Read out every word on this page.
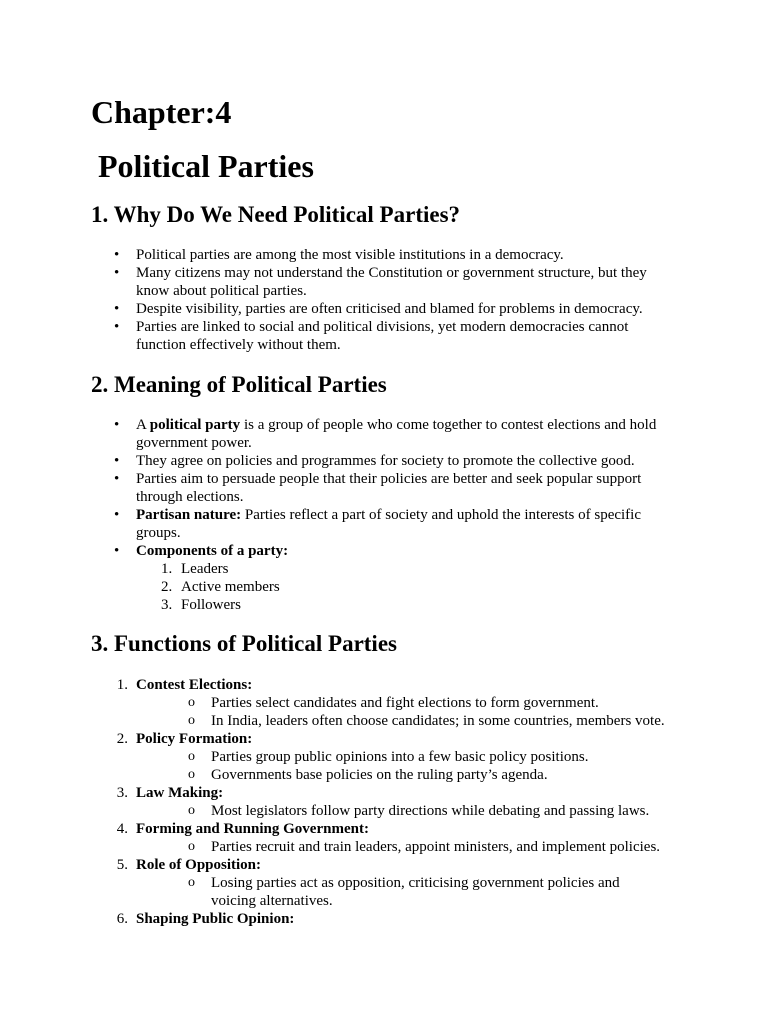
Chapter:4
Political Parties
1. Why Do We Need Political Parties?
• Political parties are among the most visible institutions in a democracy.
• Many citizens may not understand the Constitution or government structure, but they know about political parties.
• Despite visibility, parties are often criticised and blamed for problems in democracy.
• Parties are linked to social and political divisions, yet modern democracies cannot function effectively without them.
2. Meaning of Political Parties
• A political party is a group of people who come together to contest elections and hold government power.
• They agree on policies and programmes for society to promote the collective good.
• Parties aim to persuade people that their policies are better and seek popular support through elections.
• Partisan nature: Parties reflect a part of society and uphold the interests of specific groups.
• Components of a party:
1. Leaders
2. Active members
3. Followers
3. Functions of Political Parties
1. Contest Elections:
o Parties select candidates and fight elections to form government.
o In India, leaders often choose candidates; in some countries, members vote.
2. Policy Formation:
o Parties group public opinions into a few basic policy positions.
o Governments base policies on the ruling party’s agenda.
3. Law Making:
o Most legislators follow party directions while debating and passing laws.
4. Forming and Running Government:
o Parties recruit and train leaders, appoint ministers, and implement policies.
5. Role of Opposition:
o Losing parties act as opposition, criticising government policies and voicing alternatives.
6. Shaping Public Opinion:
